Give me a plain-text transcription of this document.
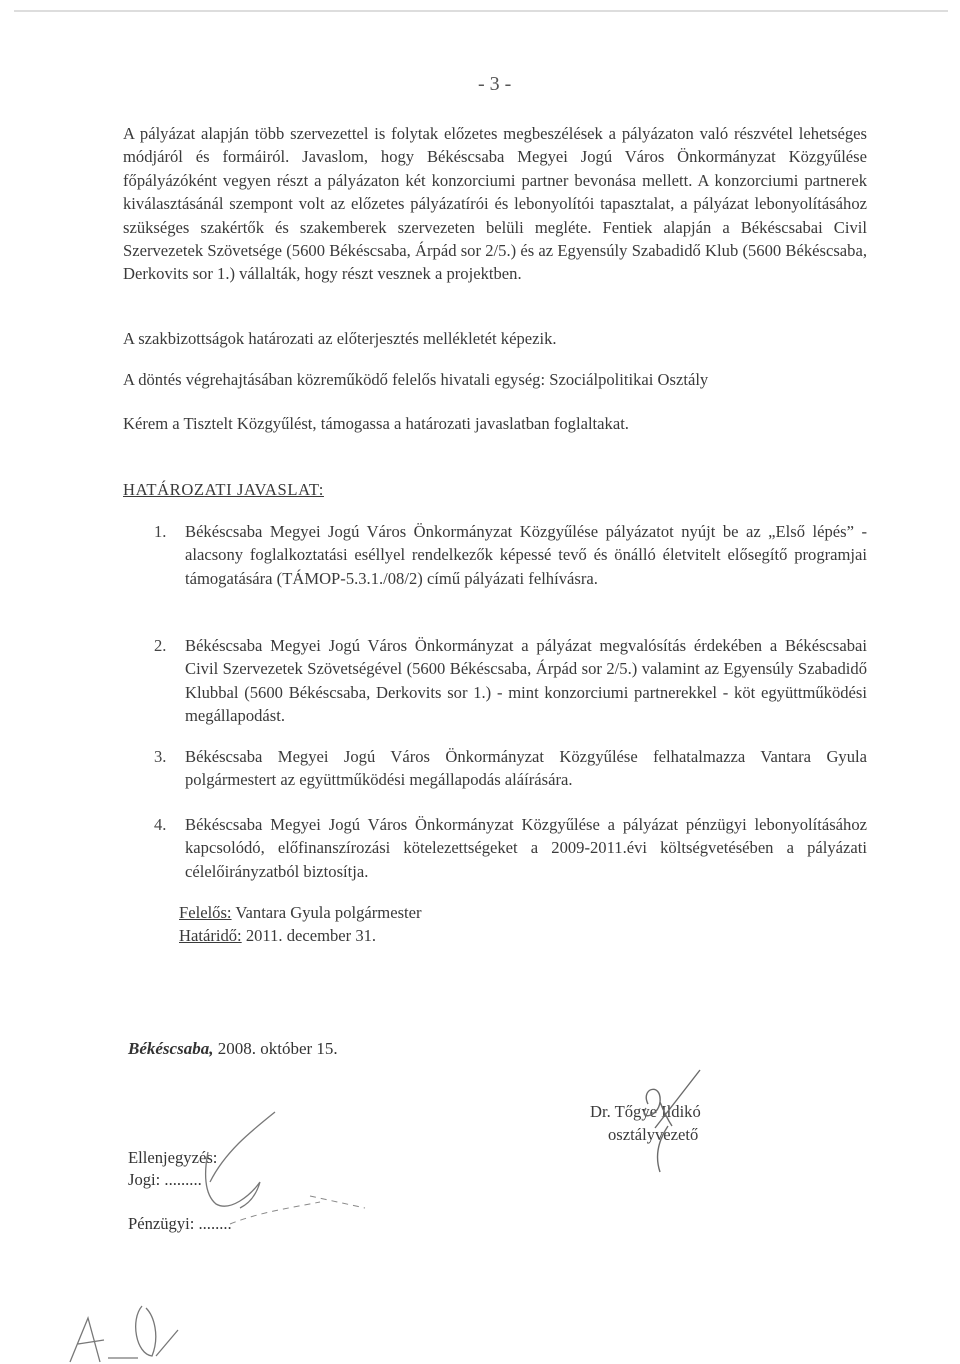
- 3 -

A pályázat alapján több szervezettel is folytak előzetes megbeszélések a pályázaton való részvétel lehetséges módjáról és formáiról. Javaslom, hogy Békéscsaba Megyei Jogú Város Önkormányzat Közgyűlése főpályázóként vegyen részt a pályázaton két konzorciumi partner bevonása mellett. A konzorciumi partnerek kiválasztásánál szempont volt az előzetes pályázatírói és lebonyolítói tapasztalat, a pályázat lebonyolításához szükséges szakértők és szakemberek szervezeten belüli megléte. Fentiek alapján a Békéscsabai Civil Szervezetek Szövetsége (5600 Békéscsaba, Árpád sor 2/5.) és az Egyensúly Szabadidő Klub (5600 Békéscsaba, Derkovits sor 1.) vállalták, hogy részt vesznek a projektben.

A szakbizottságok határozati az előterjesztés mellékletét képezik.

A döntés végrehajtásában közreműködő felelős hivatali egység: Szociálpolitikai Osztály

Kérem a Tisztelt Közgyűlést, támogassa a határozati javaslatban foglaltakat.

HATÁROZATI JAVASLAT:
1. Békéscsaba Megyei Jogú Város Önkormányzat Közgyűlése pályázatot nyújt be az „Első lépés” - alacsony foglalkoztatási eséllyel rendelkezők képessé tevő és önálló életvitelt elősegítő programjai támogatására (TÁMOP-5.3.1./08/2) című pályázati felhívásra.

2. Békéscsaba Megyei Jogú Város Önkormányzat a pályázat megvalósítás érdekében a Békéscsabai Civil Szervezetek Szövetségével (5600 Békéscsaba, Árpád sor 2/5.) valamint az Egyensúly Szabadidő Klubbal (5600 Békéscsaba, Derkovits sor 1.) - mint konzorciumi partnerekkel - köt együttműködési megállapodást.

3. Békéscsaba Megyei Jogú Város Önkormányzat Közgyűlése felhatalmazza Vantara Gyula polgármestert az együttműködési megállapodás aláírására.

4. Békéscsaba Megyei Jogú Város Önkormányzat Közgyűlése a pályázat pénzügyi lebonyolításához kapcsolódó, előfinanszírozási kötelezettségeket a 2009-2011.évi költségvetésében a pályázati célelőirányzatból biztosítja.

Felelős: Vantara Gyula polgármester
Határidő: 2011. december 31.
Békéscsaba, 2008. október 15.
Dr. Tőgye Ildikó
osztályvezető
Ellenjegyzés:
Jogi: .........
Pénzügyi: ........
